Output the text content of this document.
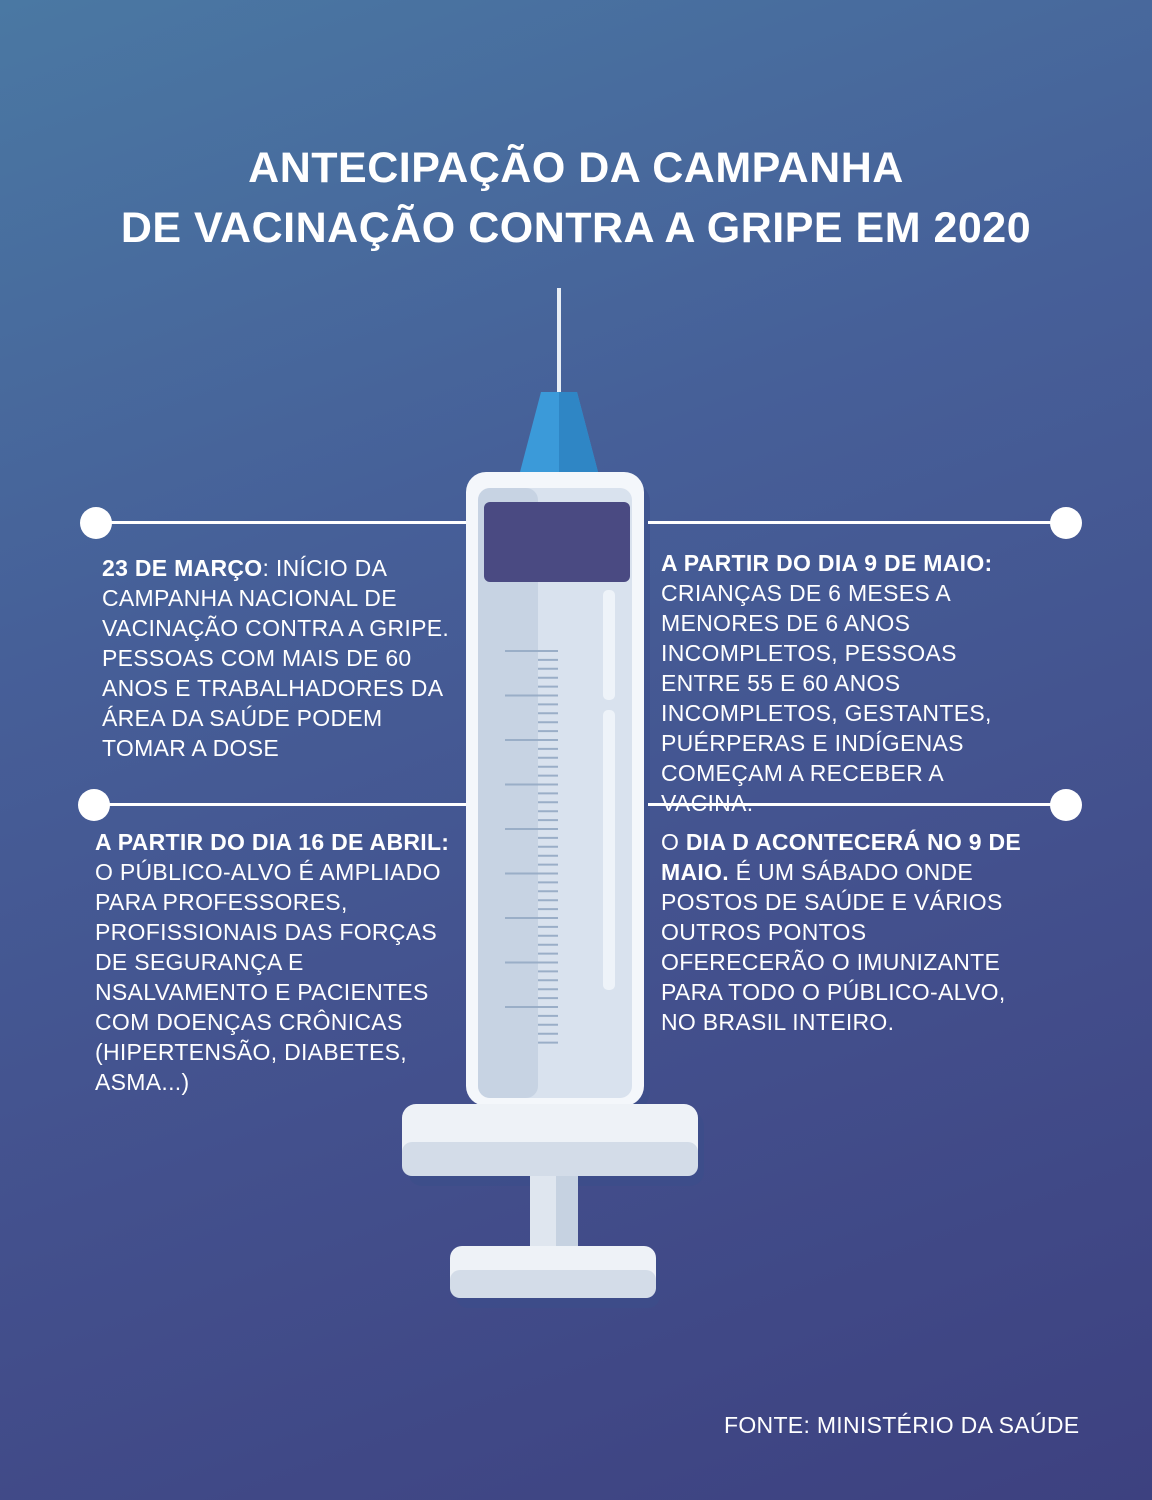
ANTECIPAÇÃO DA CAMPANHA
DE VACINAÇÃO CONTRA A GRIPE EM 2020
23 DE MARÇO: INÍCIO DA CAMPANHA NACIONAL DE VACINAÇÃO CONTRA A GRIPE. PESSOAS COM MAIS DE 60 ANOS E TRABALHADORES DA ÁREA DA SAÚDE PODEM TOMAR A DOSE
A PARTIR DO DIA 9 DE MAIO:
CRIANÇAS DE 6 MESES A MENORES DE 6 ANOS INCOMPLETOS, PESSOAS ENTRE 55 E 60 ANOS INCOMPLETOS, GESTANTES, PUÉRPERAS E INDÍGENAS COMEÇAM A RECEBER A VACINA.
A PARTIR DO DIA 16 DE ABRIL:
O PÚBLICO-ALVO É AMPLIADO PARA PROFESSORES, PROFISSIONAIS DAS FORÇAS DE SEGURANÇA E NSALVAMENTO E PACIENTES COM DOENÇAS CRÔNICAS (HIPERTENSÃO, DIABETES, ASMA...)
O DIA D ACONTECERÁ NO 9 DE MAIO. É UM SÁBADO ONDE POSTOS DE SAÚDE E VÁRIOS OUTROS PONTOS OFERECERÃO O IMUNIZANTE PARA TODO O PÚBLICO-ALVO, NO BRASIL INTEIRO.
FONTE: MINISTÉRIO DA SAÚDE
